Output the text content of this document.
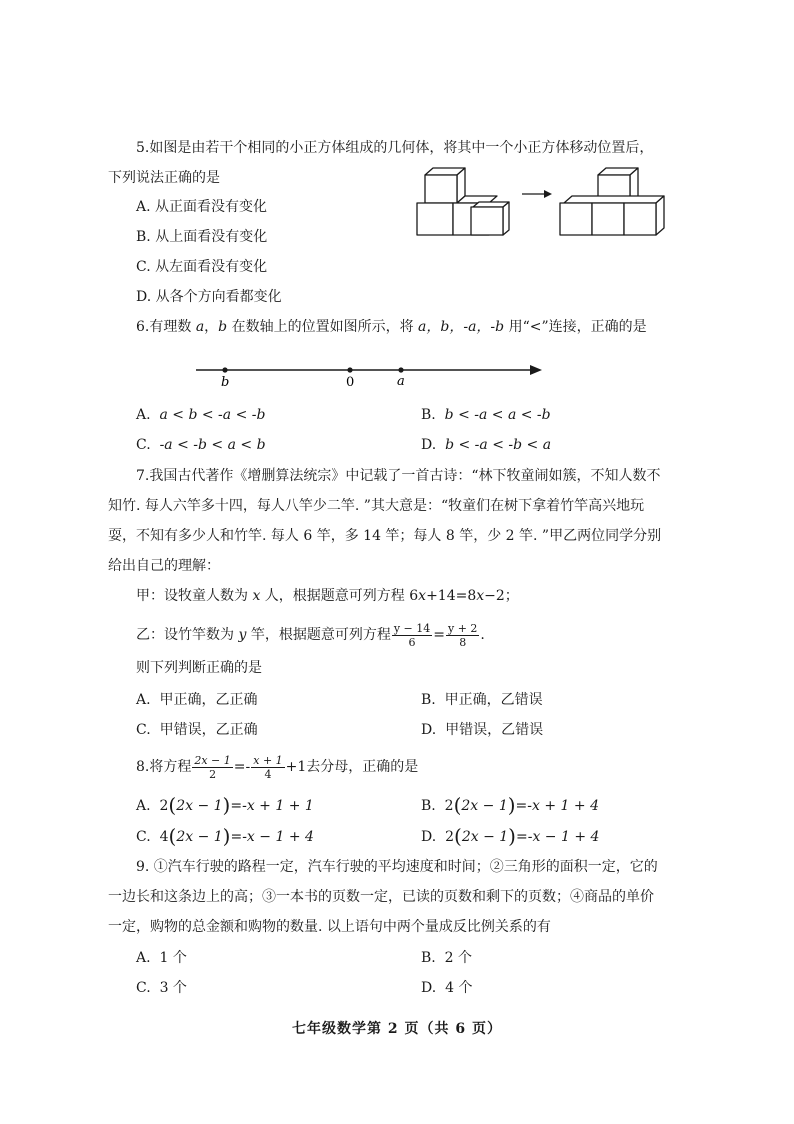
5.如图是由若干个相同的小正方体组成的几何体，将其中一个小正方体移动位置后，
下列说法正确的是
A. 从正面看没有变化
B. 从上面看没有变化
C. 从左面看没有变化
D. 从各个方向看都变化
6.有理数 a，b 在数轴上的位置如图所示，将 a，b，-a，-b 用“<”连接，正确的是
b	0	a
A. a < b < -a < -b	B. b < -a < a < -b
C. -a < -b < a < b	D. b < -a < -b < a
7.我国古代著作《增删算法统宗》中记载了一首古诗：“林下牧童闹如簇，不知人数不
知竹. 每人六竿多十四，每人八竿少二竿. ”其大意是：“牧童们在树下拿着竹竿高兴地玩
耍，不知有多少人和竹竿. 每人 6 竿，多 14 竿；每人 8 竿，少 2 竿. ”甲乙两位同学分别
给出自己的理解：
甲：设牧童人数为 x 人，根据题意可列方程 6x+14=8x−2；
乙：设竹竿数为 y 竿，根据题意可列方程 $\frac{y - 14}{6} = \frac{y + 2}{8}$ .
则下列判断正确的是
A. 甲正确，乙正确	B. 甲正确，乙错误
C. 甲错误，乙正确	D. 甲错误，乙错误
8.将方程 $\frac{2x - 1}{2} =- \frac{x + 1}{4} +1$去分母，正确的是
A. 2(2x − 1)=-x + 1 + 1	B. 2(2x − 1)=-x + 1 + 4
C. 4(2x − 1)=-x − 1 + 4	D. 2(2x − 1)=-x − 1 + 4
9. ①汽车行驶的路程一定，汽车行驶的平均速度和时间；②三角形的面积一定，它的
一边长和这条边上的高；③一本书的页数一定，已读的页数和剩下的页数；④商品的单价
一定，购物的总金额和购物的数量. 以上语句中两个量成反比例关系的有
A. 1 个	B. 2 个
C. 3 个	D. 4 个
七年级数学第 2 页（共 6 页）
